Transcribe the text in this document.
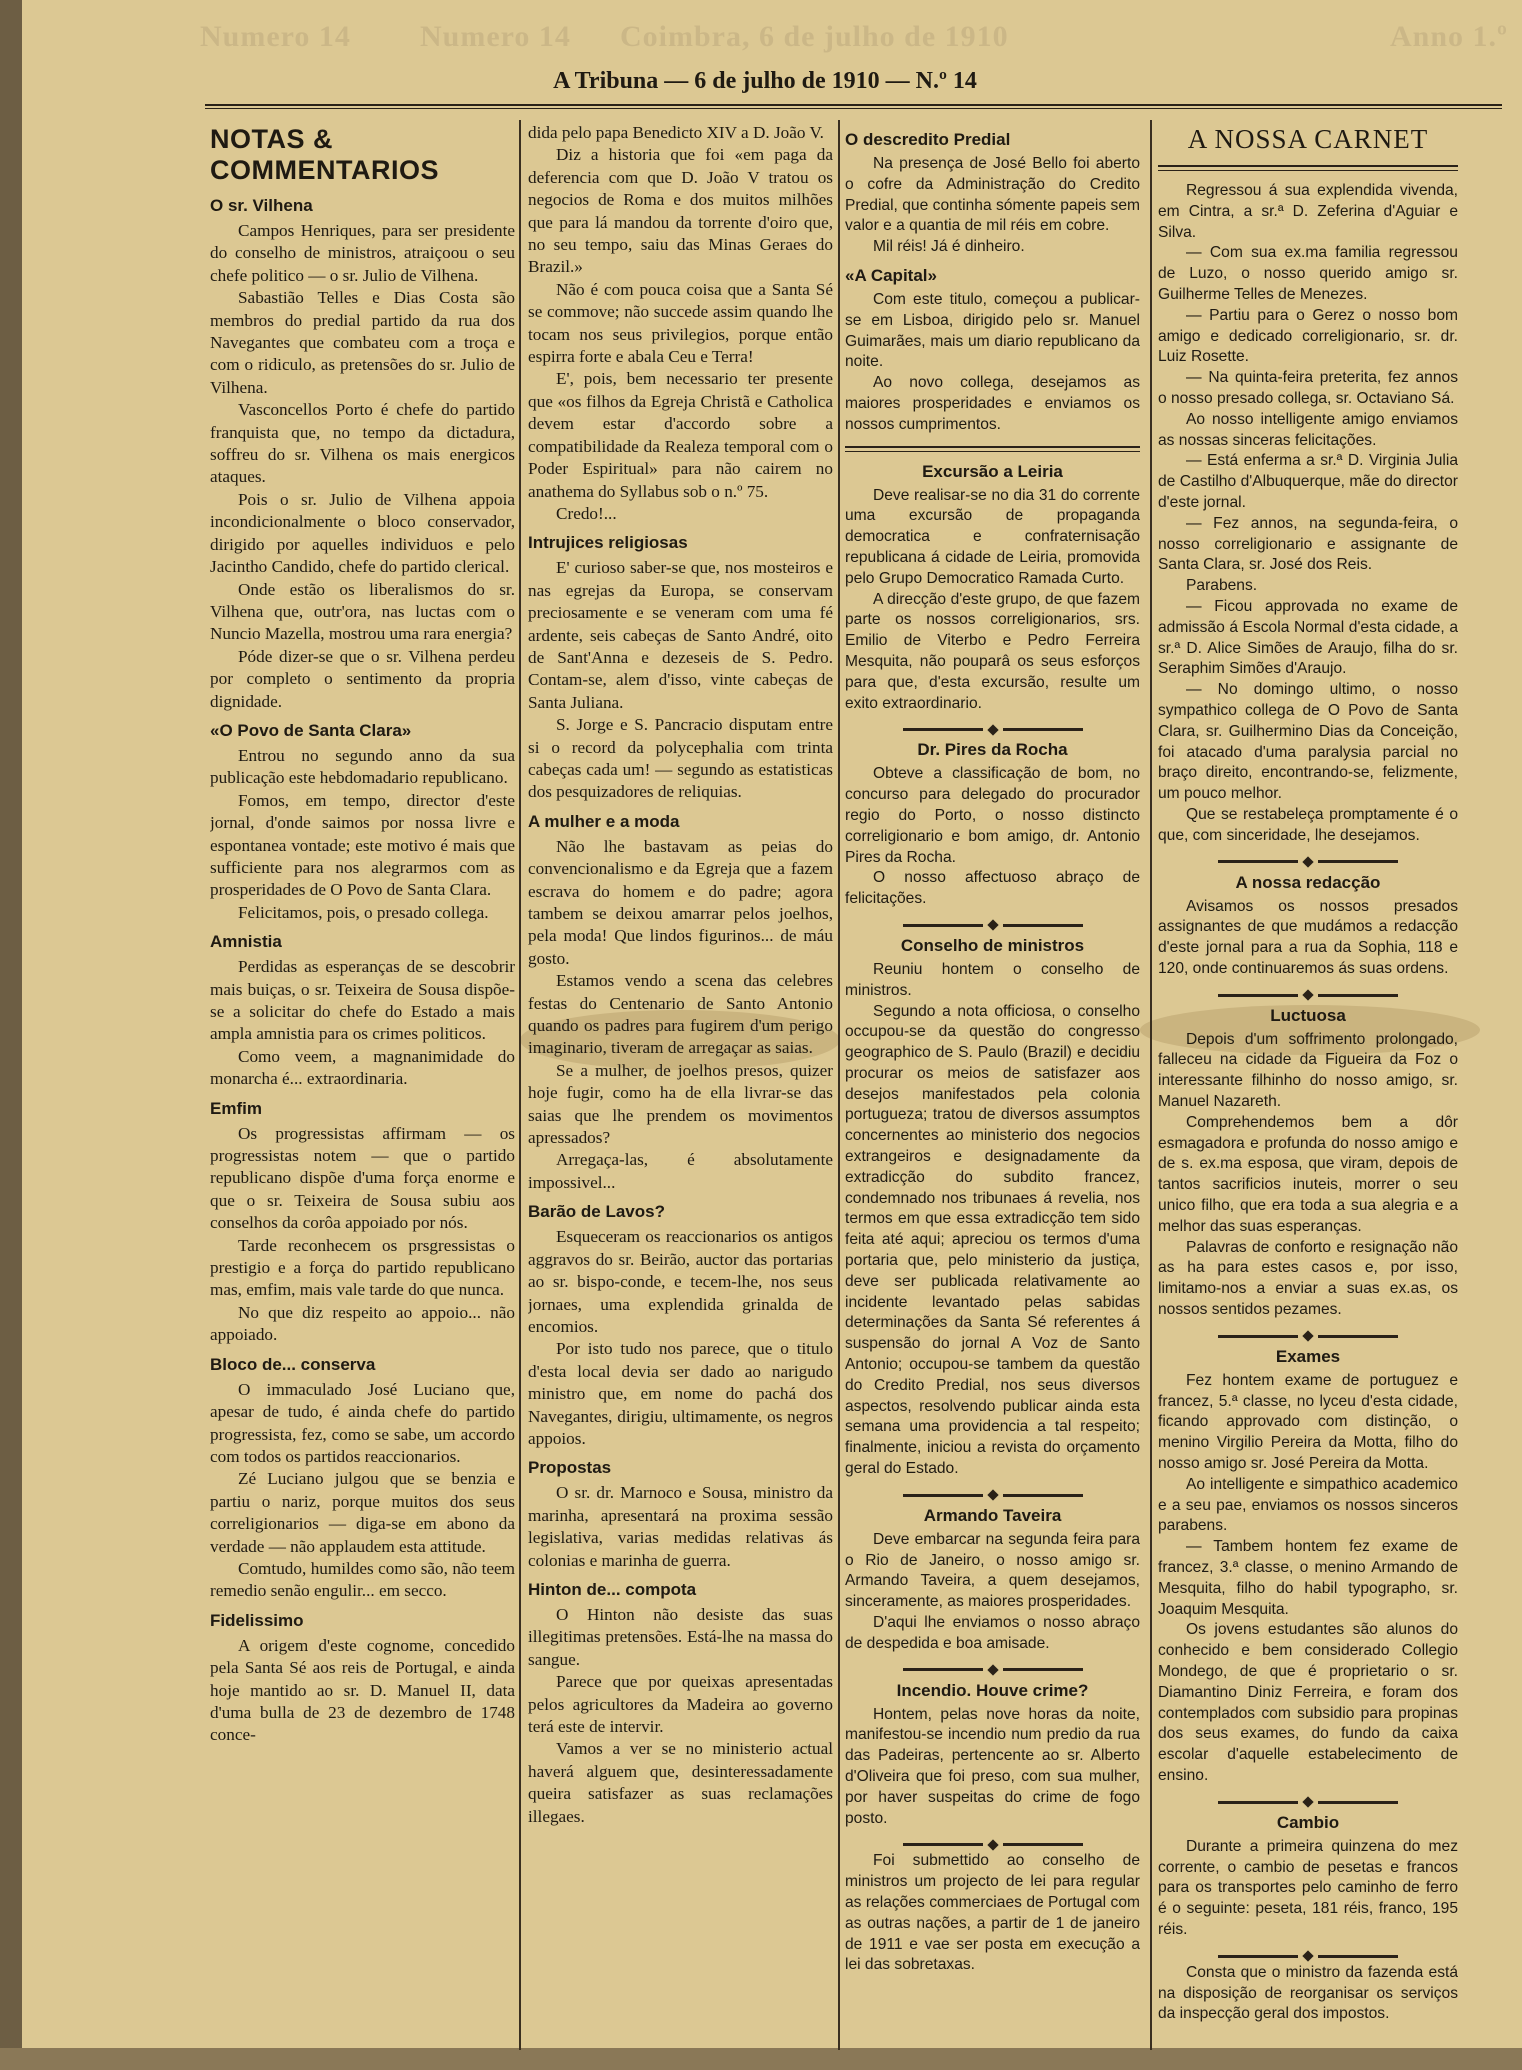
Numero 14 Numero 14 Coimbra, 6 de julho de 1910	Anno 1.º
A Tribuna — 6 de julho de 1910 — N.º 14
NOTAS & COMMENTARIOS
O sr. Vilhena

Campos Henriques, para ser presidente do conselho de ministros, atraiçoou o seu chefe politico — o sr. Julio de Vilhena.

Sabastião Telles e Dias Costa são membros do predial partido da rua dos Navegantes que combateu com a troça e com o ridiculo, as pretensões do sr. Julio de Vilhena.

Vasconcellos Porto é chefe do partido franquista que, no tempo da dictadura, soffreu do sr. Vilhena os mais energicos ataques.

Pois o sr. Julio de Vilhena appoia incondicionalmente o bloco conservador, dirigido por aquelles individuos e pelo Jacintho Candido, chefe do partido clerical.

Onde estão os liberalismos do sr. Vilhena que, outr'ora, nas luctas com o Nuncio Mazella, mostrou uma rara energia?

Póde dizer-se que o sr. Vilhena perdeu por completo o sentimento da propria dignidade.

«O Povo de Santa Clara»

Entrou no segundo anno da sua publicação este hebdomadario republicano.

Fomos, em tempo, director d'este jornal, d'onde saimos por nossa livre e espontanea vontade; este motivo é mais que sufficiente para nos alegrarmos com as prosperidades de O Povo de Santa Clara.

Felicitamos, pois, o presado collega.

Amnistia

Perdidas as esperanças de se descobrir mais buiças, o sr. Teixeira de Sousa dispõe-se a solicitar do chefe do Estado a mais ampla amnistia para os crimes politicos.

Como veem, a magnanimidade do monarcha é... extraordinaria.

Emfim

Os progressistas affirmam — os progressistas notem — que o partido republicano dispõe d'uma força enorme e que o sr. Teixeira de Sousa subiu aos conselhos da corôa appoiado por nós.

Tarde reconhecem os prsgressistas o prestigio e a força do partido republicano mas, emfim, mais vale tarde do que nunca.

No que diz respeito ao appoio... não appoiado.

Bloco de... conserva

O immaculado José Luciano que, apesar de tudo, é ainda chefe do partido progressista, fez, como se sabe, um accordo com todos os partidos reaccionarios.

Zé Luciano julgou que se benzia e partiu o nariz, porque muitos dos seus correligionarios — diga-se em abono da verdade — não applaudem esta attitude.

Comtudo, humildes como são, não teem remedio senão engulir... em secco.

Fidelissimo

A origem d'este cognome, concedido pela Santa Sé aos reis de Portugal, e ainda hoje mantido ao sr. D. Manuel II, data d'uma bulla de 23 de dezembro de 1748 conce-

dida pelo papa Benedicto XIV a D. João V.

Diz a historia que foi «em paga da deferencia com que D. João V tratou os negocios de Roma e dos muitos milhões que para lá mandou da torrente d'oiro que, no seu tempo, saiu das Minas Geraes do Brazil.»

Não é com pouca coisa que a Santa Sé se commove; não succede assim quando lhe tocam nos seus privilegios, porque então espirra forte e abala Ceu e Terra!

E', pois, bem necessario ter presente que «os filhos da Egreja Christã e Catholica devem estar d'accordo sobre a compatibilidade da Realeza temporal com o Poder Espiritual» para não cairem no anathema do Syllabus sob o n.º 75.

Credo!...

Intrujices religiosas

E' curioso saber-se que, nos mosteiros e nas egrejas da Europa, se conservam preciosamente e se veneram com uma fé ardente, seis cabeças de Santo André, oito de Sant'Anna e dezeseis de S. Pedro. Contam-se, alem d'isso, vinte cabeças de Santa Juliana.

S. Jorge e S. Pancracio disputam entre si o record da polycephalia com trinta cabeças cada um! — segundo as estatisticas dos pesquizadores de reliquias.

A mulher e a moda

Não lhe bastavam as peias do convencionalismo e da Egreja que a fazem escrava do homem e do padre; agora tambem se deixou amarrar pelos joelhos, pela moda! Que lindos figurinos... de máu gosto.

Estamos vendo a scena das celebres festas do Centenario de Santo Antonio quando os padres para fugirem d'um perigo imaginario, tiveram de arregaçar as saias.

Se a mulher, de joelhos presos, quizer hoje fugir, como ha de ella livrar-se das saias que lhe prendem os movimentos apressados?

Arregaça-las, é absolutamente impossivel...

Barão de Lavos?

Esqueceram os reaccionarios os antigos aggravos do sr. Beirão, auctor das portarias ao sr. bispo-conde, e tecem-lhe, nos seus jornaes, uma explendida grinalda de encomios.

Por isto tudo nos parece, que o titulo d'esta local devia ser dado ao narigudo ministro que, em nome do pachá dos Navegantes, dirigiu, ultimamente, os negros appoios.

Propostas

O sr. dr. Marnoco e Sousa, ministro da marinha, apresentará na proxima sessão legislativa, varias medidas relativas ás colonias e marinha de guerra.

Hinton de... compota

O Hinton não desiste das suas illegitimas pretensões. Está-lhe na massa do sangue.

Parece que por queixas apresentadas pelos agricultores da Madeira ao governo terá este de intervir.

Vamos a ver se no ministerio actual haverá alguem que, desinteressadamente queira satisfazer as suas reclamações illegaes.

O descredito Predial

Na presença de José Bello foi aberto o cofre da Administração do Credito Predial, que continha sómente papeis sem valor e a quantia de mil réis em cobre.

Mil réis! Já é dinheiro.

«A Capital»

Com este titulo, começou a publicar-se em Lisboa, dirigido pelo sr. Manuel Guimarães, mais um diario republicano da noite.

Ao novo collega, desejamos as maiores prosperidades e enviamos os nossos cumprimentos.

Excursão a Leiria

Deve realisar-se no dia 31 do corrente uma excursão de propaganda democratica e confraternisação republicana á cidade de Leiria, promovida pelo Grupo Democratico Ramada Curto.

A direcção d'este grupo, de que fazem parte os nossos correligionarios, srs. Emilio de Viterbo e Pedro Ferreira Mesquita, não pouparâ os seus esforços para que, d'esta excursão, resulte um exito extraordinario.

Dr. Pires da Rocha

Obteve a classificação de bom, no concurso para delegado do procurador regio do Porto, o nosso distincto correligionario e bom amigo, dr. Antonio Pires da Rocha.

O nosso affectuoso abraço de felicitações.

Conselho de ministros

Reuniu hontem o conselho de ministros.

Segundo a nota officiosa, o conselho occupou-se da questão do congresso geographico de S. Paulo (Brazil) e decidiu procurar os meios de satisfazer aos desejos manifestados pela colonia portugueza; tratou de diversos assumptos concernentes ao ministerio dos negocios extrangeiros e designadamente da extradicção do subdito francez, condemnado nos tribunaes á revelia, nos termos em que essa extradicção tem sido feita até aqui; apreciou os termos d'uma portaria que, pelo ministerio da justiça, deve ser publicada relativamente ao incidente levantado pelas sabidas determinações da Santa Sé referentes á suspensão do jornal A Voz de Santo Antonio; occupou-se tambem da questão do Credito Predial, nos seus diversos aspectos, resolvendo publicar ainda esta semana uma providencia a tal respeito; finalmente, iniciou a revista do orçamento geral do Estado.

Armando Taveira

Deve embarcar na segunda feira para o Rio de Janeiro, o nosso amigo sr. Armando Taveira, a quem desejamos, sinceramente, as maiores prosperidades.

D'aqui lhe enviamos o nosso abraço de despedida e boa amisade.

Incendio. Houve crime?

Hontem, pelas nove horas da noite, manifestou-se incendio num predio da rua das Padeiras, pertencente ao sr. Alberto d'Oliveira que foi preso, com sua mulher, por haver suspeitas do crime de fogo posto.

Foi submettido ao conselho de ministros um projecto de lei para regular as relações commerciaes de Portugal com as outras nações, a partir de 1 de janeiro de 1911 e vae ser posta em execução a lei das sobretaxas.

A NOSSA CARNET

Regressou á sua explendida vivenda, em Cintra, a sr.ª D. Zeferina d'Aguiar e Silva.

— Com sua ex.ma familia regressou de Luzo, o nosso querido amigo sr. Guilherme Telles de Menezes.

— Partiu para o Gerez o nosso bom amigo e dedicado correligionario, sr. dr. Luiz Rosette.

— Na quinta-feira preterita, fez annos o nosso presado collega, sr. Octaviano Sá.

Ao nosso intelligente amigo enviamos as nossas sinceras felicitações.

— Está enferma a sr.ª D. Virginia Julia de Castilho d'Albuquerque, mãe do director d'este jornal.

— Fez annos, na segunda-feira, o nosso correligionario e assignante de Santa Clara, sr. José dos Reis.

Parabens.

— Ficou approvada no exame de admissão á Escola Normal d'esta cidade, a sr.ª D. Alice Simões de Araujo, filha do sr. Seraphim Simões d'Araujo.

— No domingo ultimo, o nosso sympathico collega de O Povo de Santa Clara, sr. Guilhermino Dias da Conceição, foi atacado d'uma paralysia parcial no braço direito, encontrando-se, felizmente, um pouco melhor.

Que se restabeleça promptamente é o que, com sinceridade, lhe desejamos.

A nossa redacção

Avisamos os nossos presados assignantes de que mudámos a redacção d'este jornal para a rua da Sophia, 118 e 120, onde continuaremos ás suas ordens.

Luctuosa

Depois d'um soffrimento prolongado, falleceu na cidade da Figueira da Foz o interessante filhinho do nosso amigo, sr. Manuel Nazareth.

Comprehendemos bem a dôr esmagadora e profunda do nosso amigo e de s. ex.ma esposa, que viram, depois de tantos sacrificios inuteis, morrer o seu unico filho, que era toda a sua alegria e a melhor das suas esperanças.

Palavras de conforto e resignação não as ha para estes casos e, por isso, limitamo-nos a enviar a suas ex.as, os nossos sentidos pezames.

Exames

Fez hontem exame de portuguez e francez, 5.ª classe, no lyceu d'esta cidade, ficando approvado com distinção, o menino Virgilio Pereira da Motta, filho do nosso amigo sr. José Pereira da Motta.

Ao intelligente e simpathico academico e a seu pae, enviamos os nossos sinceros parabens.

— Tambem hontem fez exame de francez, 3.ª classe, o menino Armando de Mesquita, filho do habil typographo, sr. Joaquim Mesquita.

Os jovens estudantes são alunos do conhecido e bem considerado Collegio Mondego, de que é proprietario o sr. Diamantino Diniz Ferreira, e foram dos contemplados com subsidio para propinas dos seus exames, do fundo da caixa escolar d'aquelle estabelecimento de ensino.

Cambio

Durante a primeira quinzena do mez corrente, o cambio de pesetas e francos para os transportes pelo caminho de ferro é o seguinte: peseta, 181 réis, franco, 195 réis.

Consta que o ministro da fazenda está na disposição de reorganisar os serviços da inspecção geral dos impostos.
